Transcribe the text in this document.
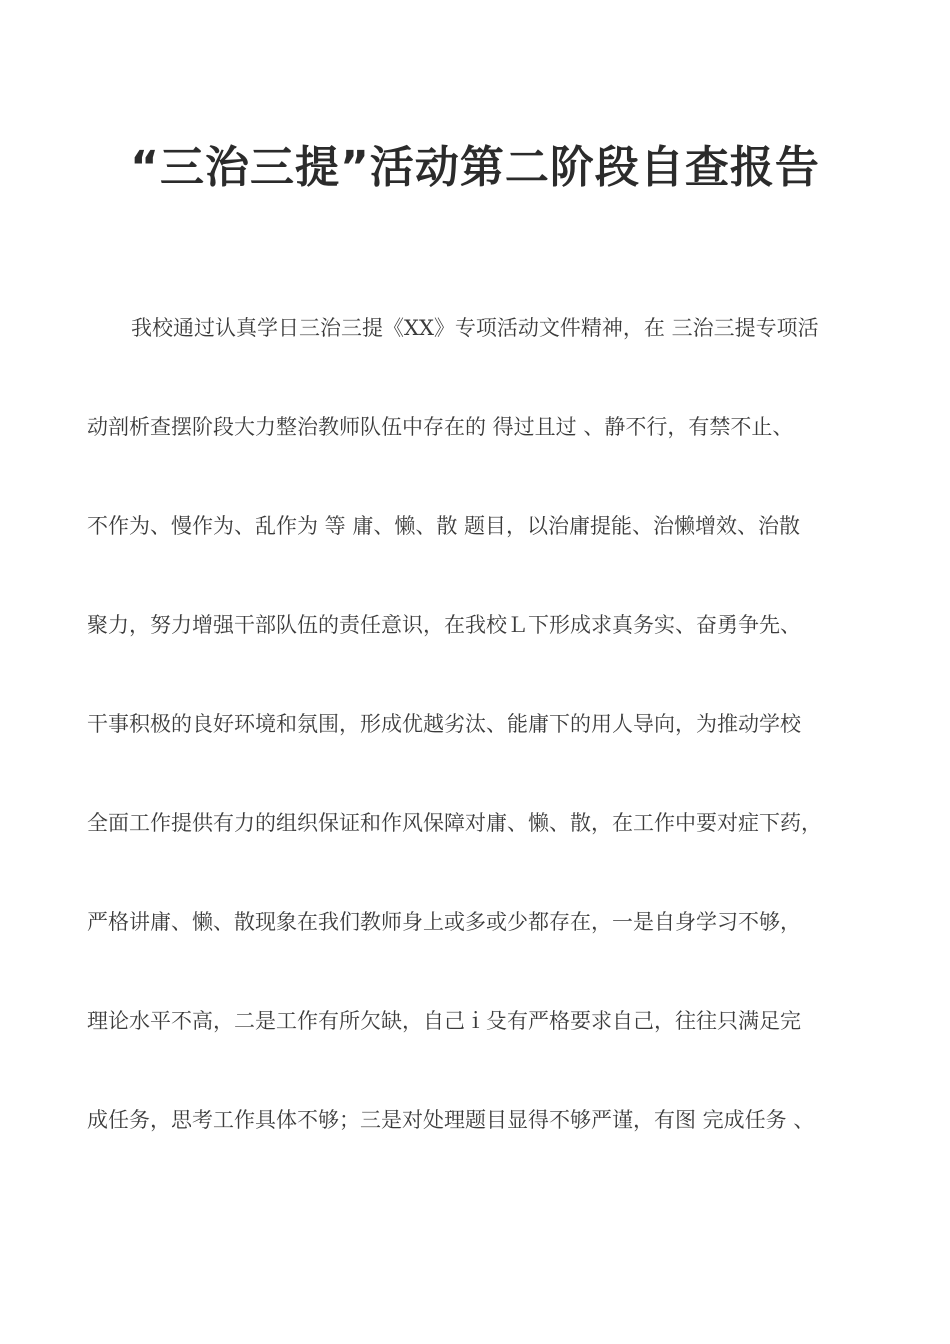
“三治三提”活动第二阶段自查报告
我校通过认真学日三治三提《XX》专项活动文件精神，在 三治三提专项活
动剖析查摆阶段大力整治教师队伍中存在的 得过且过 、静不行，有禁不止、
不作为、慢作为、乱作为 等 庸、懒、散 题目，以治庸提能、治懒增效、治散
聚力，努力增强干部队伍的责任意识，在我校Ｌ下形成求真务实、奋勇争先、
干事积极的良好环境和氛围，形成优越劣汰、能庸下的用人导向，为推动学校
全面工作提供有力的组织保证和作风保障对庸、懒、散，在工作中要对症下药，
严格讲庸、懒、散现象在我们教师身上或多或少都存在，一是自身学习不够，
理论水平不高，二是工作有所欠缺，自己ｉ殳有严格要求自己，往往只满足完
成任务，思考工作具体不够；三是对处理题目显得不够严谨，有图 完成任务 、
